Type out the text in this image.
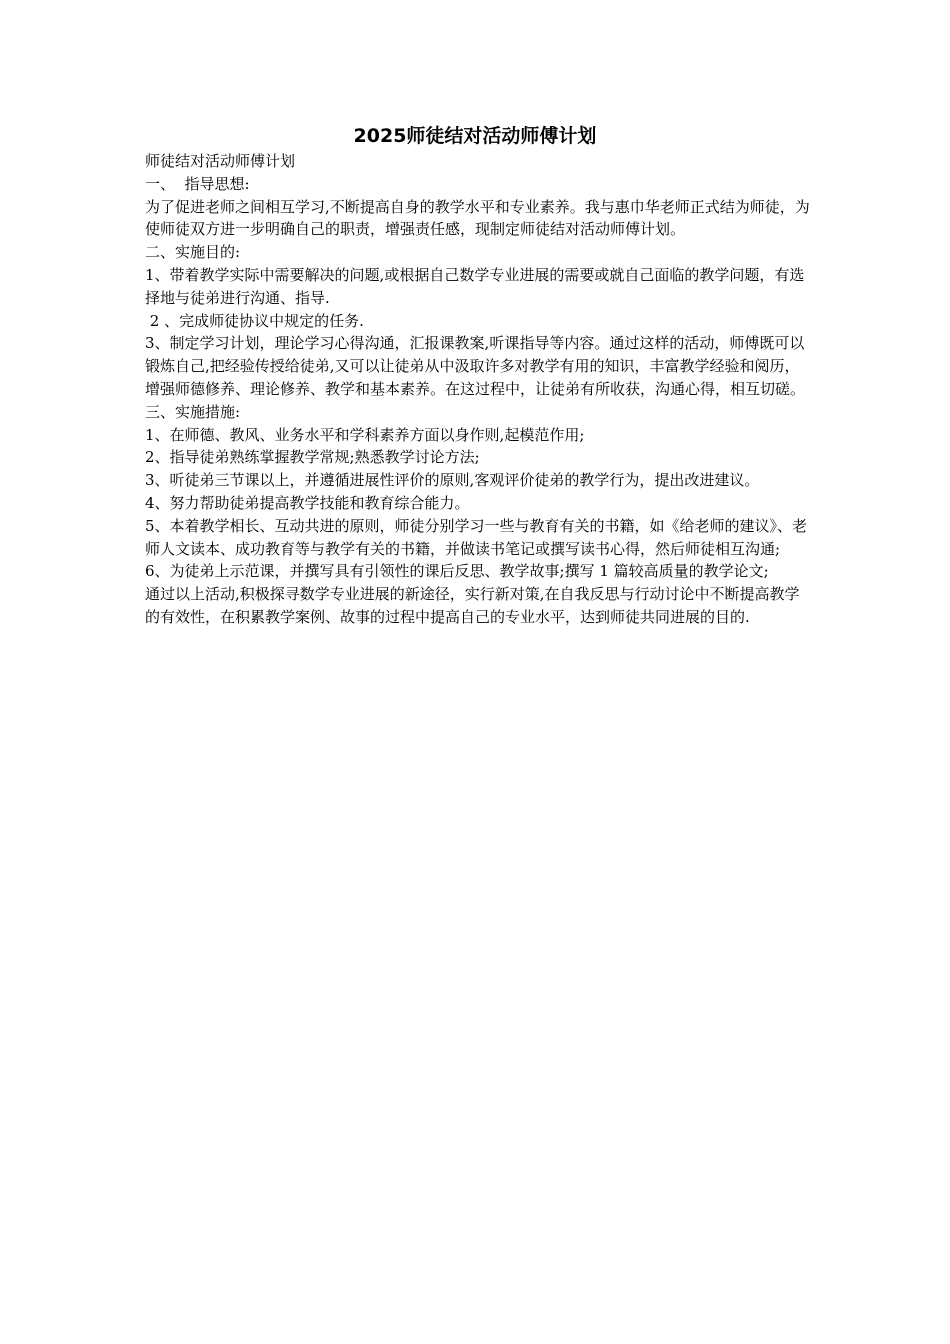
2025师徒结对活动师傅计划

师徒结对活动师傅计划

一、  指导思想:

为了促进老师之间相互学习,不断提高自身的教学水平和专业素养。我与惠巾华老师正式结为师徒，为使师徒双方进一步明确自己的职责，增强责任感，现制定师徒结对活动师傅计划。

二、实施目的:

1、带着教学实际中需要解决的问题,或根据自己数学专业进展的需要或就自己面临的教学问题，有选择地与徒弟进行沟通、指导.

2 、完成师徒协议中规定的任务.

3、制定学习计划，理论学习心得沟通，汇报课教案,听课指导等内容。通过这样的活动，师傅既可以锻炼自己,把经验传授给徒弟,又可以让徒弟从中汲取许多对教学有用的知识，丰富教学经验和阅历，增强师德修养、理论修养、教学和基本素养。在这过程中，让徒弟有所收获，沟通心得，相互切磋。

三、实施措施:

1、在师德、教风、业务水平和学科素养方面以身作则,起模范作用;

2、指导徒弟熟练掌握教学常规;熟悉教学讨论方法;

3、听徒弟三节课以上，并遵循进展性评价的原则,客观评价徒弟的教学行为，提出改进建议。

4、努力帮助徒弟提高教学技能和教育综合能力。

5、本着教学相长、互动共进的原则，师徒分别学习一些与教育有关的书籍，如《给老师的建议》、老师人文读本、成功教育等与教学有关的书籍，并做读书笔记或撰写读书心得，然后师徒相互沟通;

6、为徒弟上示范课，并撰写具有引领性的课后反思、教学故事;撰写 1 篇较高质量的教学论文;

通过以上活动,积极探寻数学专业进展的新途径，实行新对策,在自我反思与行动讨论中不断提高教学的有效性，在积累教学案例、故事的过程中提高自己的专业水平，达到师徒共同进展的目的.
